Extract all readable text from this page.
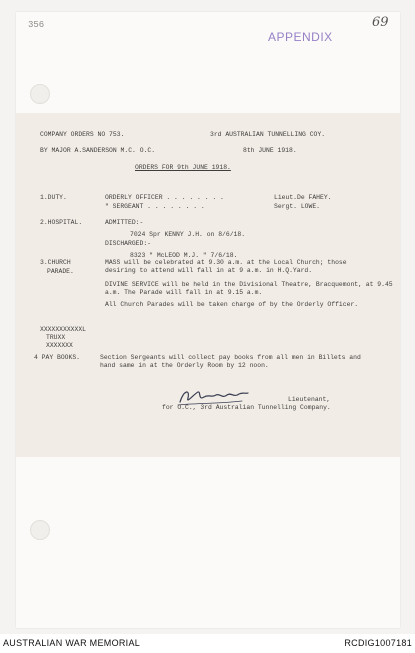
356	69
APPENDIX
COMPANY ORDERS NO 753.	3rd AUSTRALIAN TUNNELLING COY.
BY MAJOR A.SANDERSON M.C. O.C.	8th JUNE 1918.
ORDERS FOR 9th JUNE 1918.
1.DUTY.	ORDERLY OFFICER . . . . . . . .	Lieut.De FAHEY.
" SERGEANT . . . . . . . .	Sergt. LOWE.
2.HOSPITAL.	ADMITTED:-
7024 Spr KENNY J.H. on 8/6/18.
DISCHARGED:-
8323 " McLEOD M.J. " 7/6/18.
3.CHURCH
PARADE.
MASS will be celebrated at 9.30 a.m. at the Local Church; those desiring to attend will fall in at 9 a.m. in H.Q.Yard.
DIVINE SERVICE will be held in the Divisional Theatre, Bracquemont, at 9.45 a.m. The Parade will fall in at 9.15 a.m.
All Church Parades will be taken charge of by the Orderly Officer.
XXXXXXXXXXXL
TRUXX
XXXXXXX
4 PAY BOOKS.	Section Sergeants will collect pay books from all men in Billets and hand same in at the Orderly Room by 12 noon.
Lieutenant,
for O.C., 3rd Australian Tunnelling Company.
AUSTRALIAN WAR MEMORIAL	RCDIG1007181
